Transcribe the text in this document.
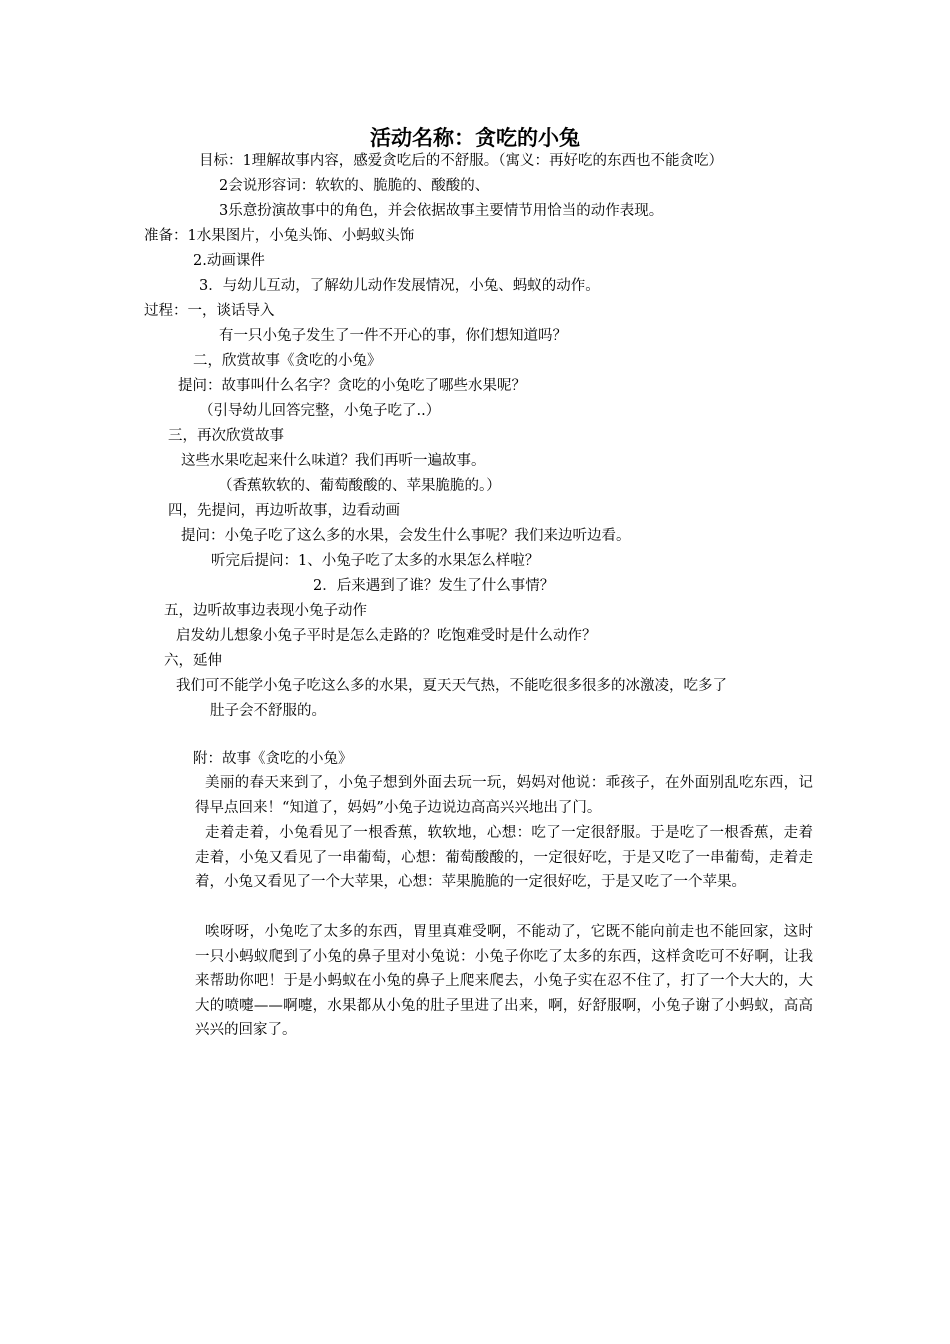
活动名称：贪吃的小兔
目标：1理解故事内容，感爱贪吃后的不舒服。（寓义：再好吃的东西也不能贪吃）
2会说形容词：软软的、脆脆的、酸酸的、
3乐意扮演故事中的角色，并会依据故事主要情节用恰当的动作表现。
准备：1水果图片，小兔头饰、小蚂蚁头饰
2.动画课件
3．与幼儿互动，了解幼儿动作发展情况，小兔、蚂蚁的动作。
过程：一，谈话导入
有一只小兔子发生了一件不开心的事，你们想知道吗？
二，欣赏故事《贪吃的小兔》
提问：故事叫什么名字？贪吃的小兔吃了哪些水果呢？
（引导幼儿回答完整，小兔子吃了..）
三，再次欣赏故事
这些水果吃起来什么味道？我们再听一遍故事。
（香蕉软软的、葡萄酸酸的、苹果脆脆的。）
四，先提问，再边听故事，边看动画
提问：小兔子吃了这么多的水果，会发生什么事呢？我们来边听边看。
听完后提问：1、小兔子吃了太多的水果怎么样啦？
2．后来遇到了谁？发生了什么事情？
五，边听故事边表现小兔子动作
启发幼儿想象小兔子平时是怎么走路的？吃饱难受时是什么动作？
六，延伸
我们可不能学小兔子吃这么多的水果，夏天天气热，不能吃很多很多的冰激凌，吃多了
肚子会不舒服的。
附：故事《贪吃的小兔》
美丽的春天来到了，小兔子想到外面去玩一玩，妈妈对他说：乖孩子，在外面别乱吃东西，记得早点回来！“知道了，妈妈”小兔子边说边高高兴兴地出了门。
走着走着，小兔看见了一根香蕉，软软地，心想：吃了一定很舒服。于是吃了一根香蕉，走着走着，小兔又看见了一串葡萄，心想：葡萄酸酸的，一定很好吃，于是又吃了一串葡萄，走着走着，小兔又看见了一个大苹果，心想：苹果脆脆的一定很好吃，于是又吃了一个苹果。
唉呀呀，小兔吃了太多的东西，胃里真难受啊，不能动了，它既不能向前走也不能回家，这时一只小蚂蚁爬到了小兔的鼻子里对小兔说：小兔子你吃了太多的东西，这样贪吃可不好啊，让我来帮助你吧！于是小蚂蚁在小兔的鼻子上爬来爬去，小兔子实在忍不住了，打了一个大大的，大大的喷嚏——啊嚏，水果都从小兔的肚子里进了出来，啊，好舒服啊，小兔子谢了小蚂蚁，高高兴兴的回家了。
